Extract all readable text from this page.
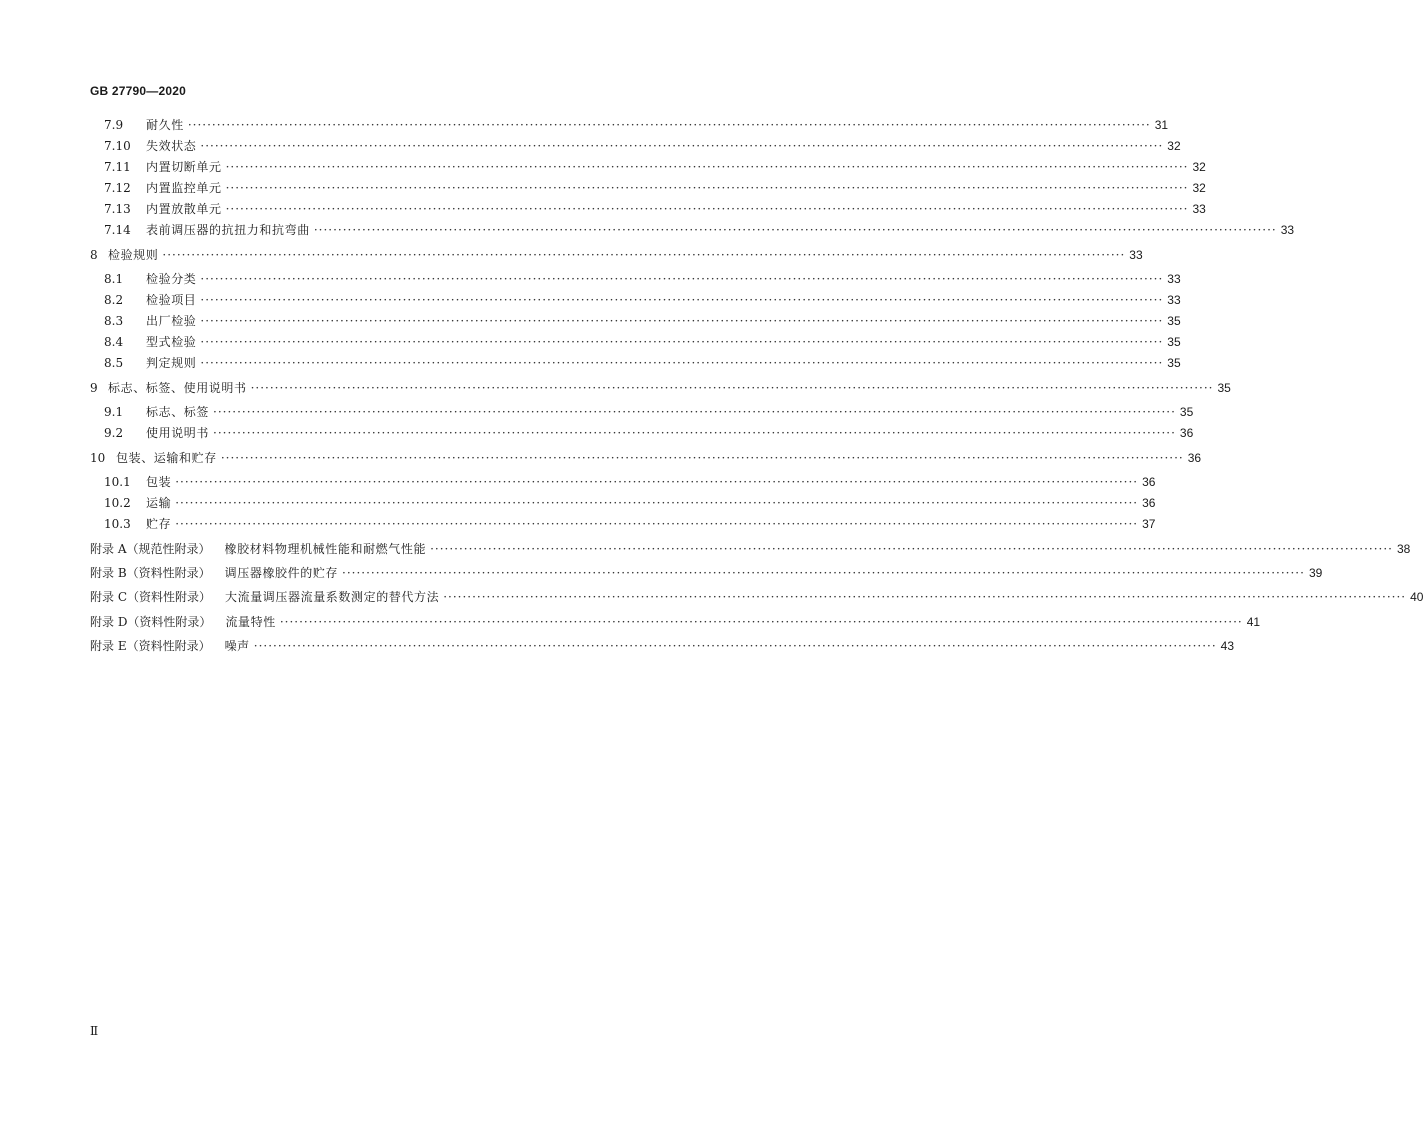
GB 27790—2020
7.9	耐久性 ········································································································································································································ 31
7.10	失效状态 ········································································································································································································ 32
7.11	内置切断单元 ········································································································································································································ 32
7.12	内置监控单元 ········································································································································································································ 32
7.13	内置放散单元 ········································································································································································································ 33
7.14	表前调压器的抗扭力和抗弯曲 ········································································································································································································ 33
8 检验规则 ········································································································································································································ 33
8.1	检验分类 ········································································································································································································ 33
8.2	检验项目 ········································································································································································································ 33
8.3	出厂检验 ········································································································································································································ 35
8.4	型式检验 ········································································································································································································ 35
8.5	判定规则 ········································································································································································································ 35
9 标志、标签、使用说明书 ········································································································································································································ 35
9.1	标志、标签 ········································································································································································································ 35
9.2	使用说明书 ········································································································································································································ 36
10 包装、运输和贮存 ········································································································································································································ 36
10.1	包装 ········································································································································································································ 36
10.2	运输 ········································································································································································································ 36
10.3	贮存 ········································································································································································································ 37
附录 A（规范性附录） 橡胶材料物理机械性能和耐燃气性能 ········································································································································································································ 38
附录 B（资料性附录） 调压器橡胶件的贮存 ········································································································································································································ 39
附录 C（资料性附录） 大流量调压器流量系数测定的替代方法 ········································································································································································································ 40
附录 D（资料性附录） 流量特性 ········································································································································································································ 41
附录 E（资料性附录） 噪声 ········································································································································································································ 43
Ⅱ
